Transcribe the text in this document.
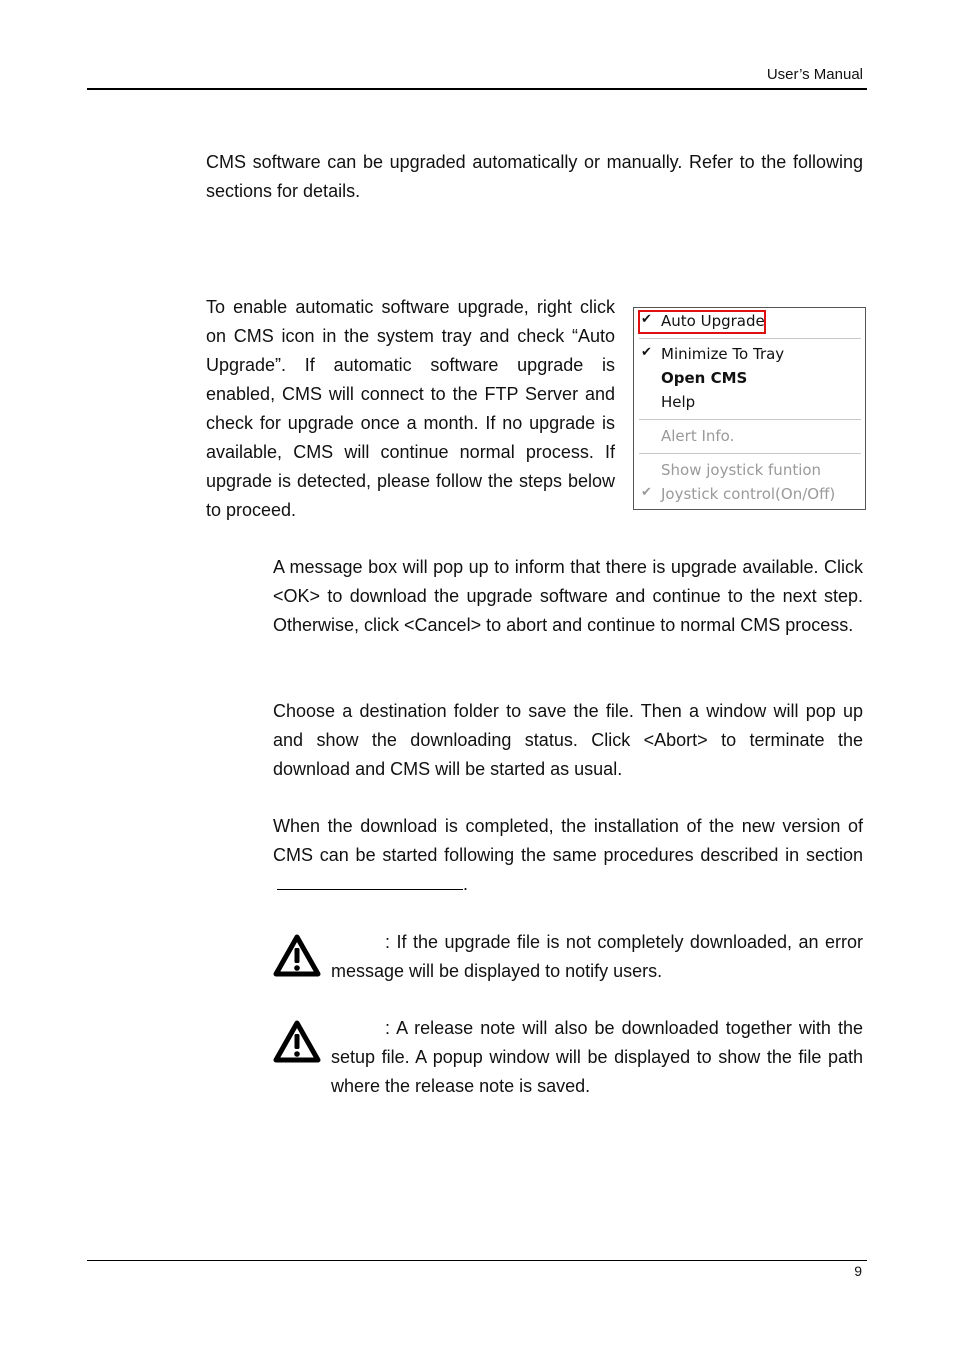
User’s Manual

CMS software can be upgraded automatically or manually. Refer to the following sections for details.

To enable automatic software upgrade, right click on CMS icon in the system tray and check “Auto Upgrade”. If automatic software upgrade is enabled, CMS will connect to the FTP Server and check for upgrade once a month. If no upgrade is available, CMS will continue normal process. If upgrade is detected, please follow the steps below to proceed.

✔ Auto Upgrade
✔ Minimize To Tray
Open CMS
Help
Alert Info.
Show joystick funtion
✔ Joystick control(On/Off)

A message box will pop up to inform that there is upgrade available. Click <OK> to download the upgrade software and continue to the next step. Otherwise, click <Cancel> to abort and continue to normal CMS process.

Choose a destination folder to save the file. Then a window will pop up and show the downloading status. Click <Abort> to terminate the download and CMS will be started as usual.

When the download is completed, the installation of the new version of CMS can be started following the same procedures described in section.

: If the upgrade file is not completely downloaded, an error message will be displayed to notify users.

: A release note will also be downloaded together with the setup file. A popup window will be displayed to show the file path where the release note is saved.

9
